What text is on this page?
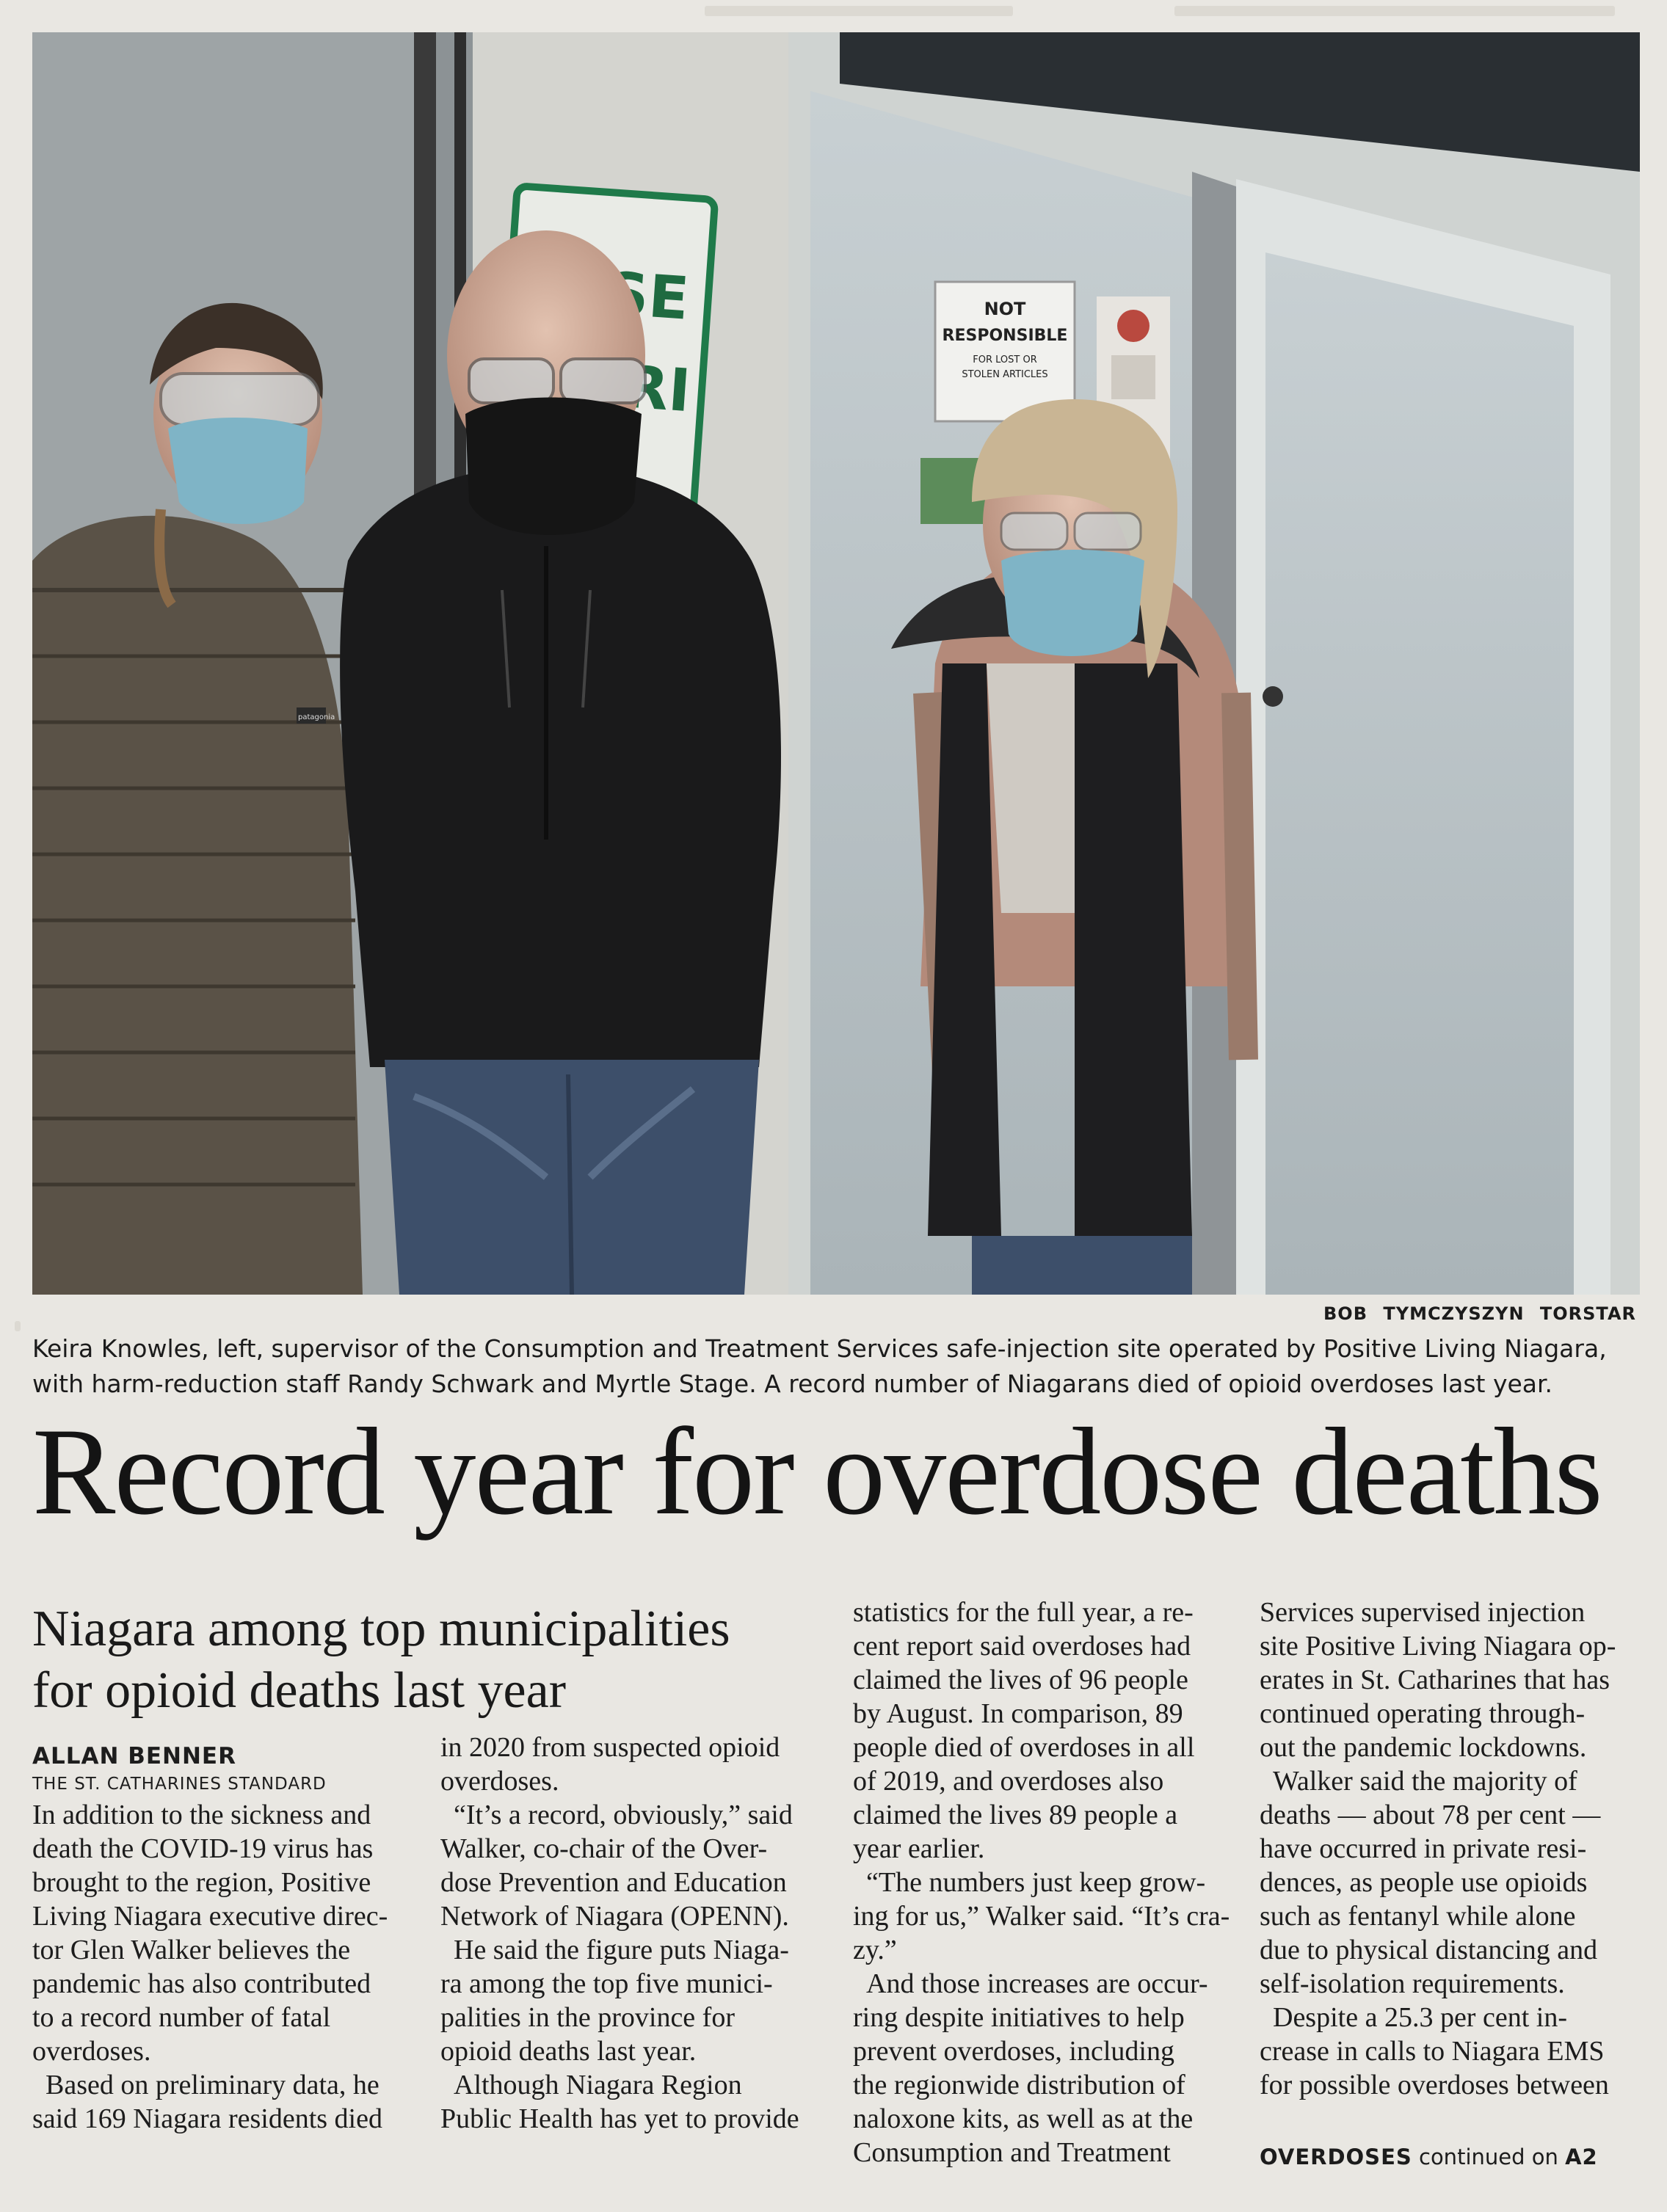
NOT
RESPONSIBLE
FOR LOST OR
STOLEN ARTICLES
patagonia
BOB TYMCZYSZYN TORSTAR
Keira Knowles, left, supervisor of the Consumption and Treatment Services safe-injection site operated by Positive Living Niagara,
with harm-reduction staff Randy Schwark and Myrtle Stage. A record number of Niagarans died of opioid overdoses last year.
Record year for overdose deaths
Niagara among top municipalities
for opioid deaths last year
ALLAN BENNER
THE ST. CATHARINES STANDARD
In addition to the sickness and
death the COVID-19 virus has
brought to the region, Positive
Living Niagara executive direc-
tor Glen Walker believes the
pandemic has also contributed
to a record number of fatal
overdoses.
Based on preliminary data, he
said 169 Niagara residents died
in 2020 from suspected opioid
overdoses.
“It’s a record, obviously,” said
Walker, co-chair of the Over-
dose Prevention and Education
Network of Niagara (OPENN).
He said the figure puts Niaga-
ra among the top five munici-
palities in the province for
opioid deaths last year.
Although Niagara Region
Public Health has yet to provide
statistics for the full year, a re-
cent report said overdoses had
claimed the lives of 96 people
by August. In comparison, 89
people died of overdoses in all
of 2019, and overdoses also
claimed the lives 89 people a
year earlier.
“The numbers just keep grow-
ing for us,” Walker said. “It’s cra-
zy.”
And those increases are occur-
ring despite initiatives to help
prevent overdoses, including
the regionwide distribution of
naloxone kits, as well as at the
Consumption and Treatment
Services supervised injection
site Positive Living Niagara op-
erates in St. Catharines that has
continued operating through-
out the pandemic lockdowns.
Walker said the majority of
deaths — about 78 per cent —
have occurred in private resi-
dences, as people use opioids
such as fentanyl while alone
due to physical distancing and
self-isolation requirements.
Despite a 25.3 per cent in-
crease in calls to Niagara EMS
for possible overdoses between
OVERDOSES continued on A2
